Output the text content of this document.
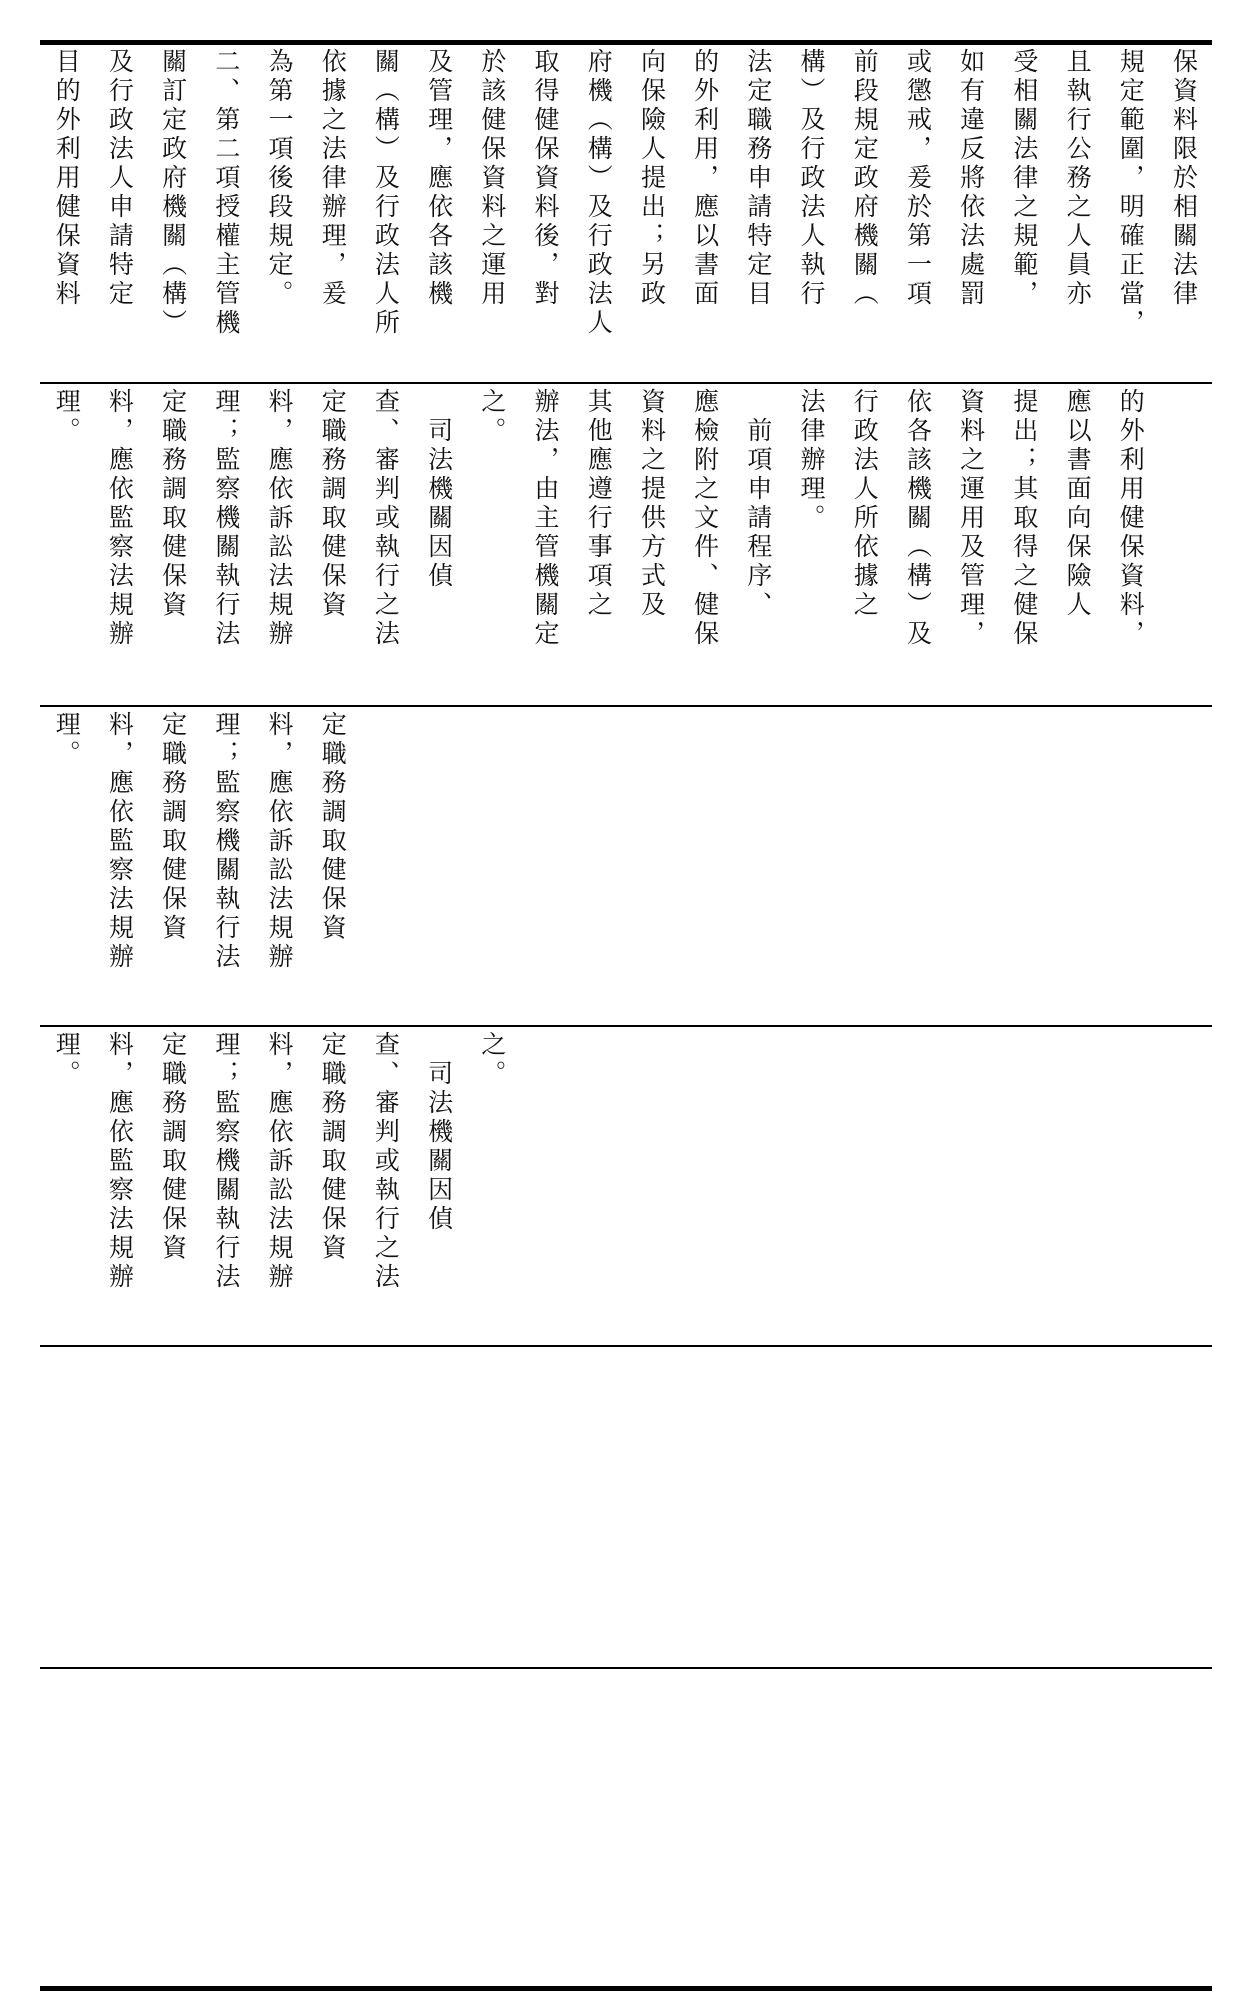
保資料限於相關法律
規定範圍，明確正當，
且執行公務之人員亦
受相關法律之規範，
如有違反將依法處罰
或懲戒，爰於第一項
前段規定政府機關（
構）及行政法人執行
法定職務申請特定目
的外利用，應以書面
向保險人提出；另政
府機（構）及行政法人
取得健保資料後，對
於該健保資料之運用
及管理，應依各該機
關（構）及行政法人所
依據之法律辦理，爰
為第一項後段規定。
二、第二項授權主管機
關訂定政府機關（構）
及行政法人申請特定
目的外利用健保資料
的外利用健保資料，
應以書面向保險人
提出；其取得之健保
資料之運用及管理，
依各該機關（構）及
行政法人所依據之
法律辦理。
　前項申請程序、
應檢附之文件、健保
資料之提供方式及
其他應遵行事項之
辦法，由主管機關定
之。
　司法機關因偵
查、審判或執行之法
定職務調取健保資
料，應依訴訟法規辦
理；監察機關執行法
定職務調取健保資
料，應依監察法規辦
理。
定職務調取健保資
料，應依訴訟法規辦
理；監察機關執行法
定職務調取健保資
料，應依監察法規辦
理。
之。
　司法機關因偵
查、審判或執行之法
定職務調取健保資
料，應依訴訟法規辦
理；監察機關執行法
定職務調取健保資
料，應依監察法規辦
理。
